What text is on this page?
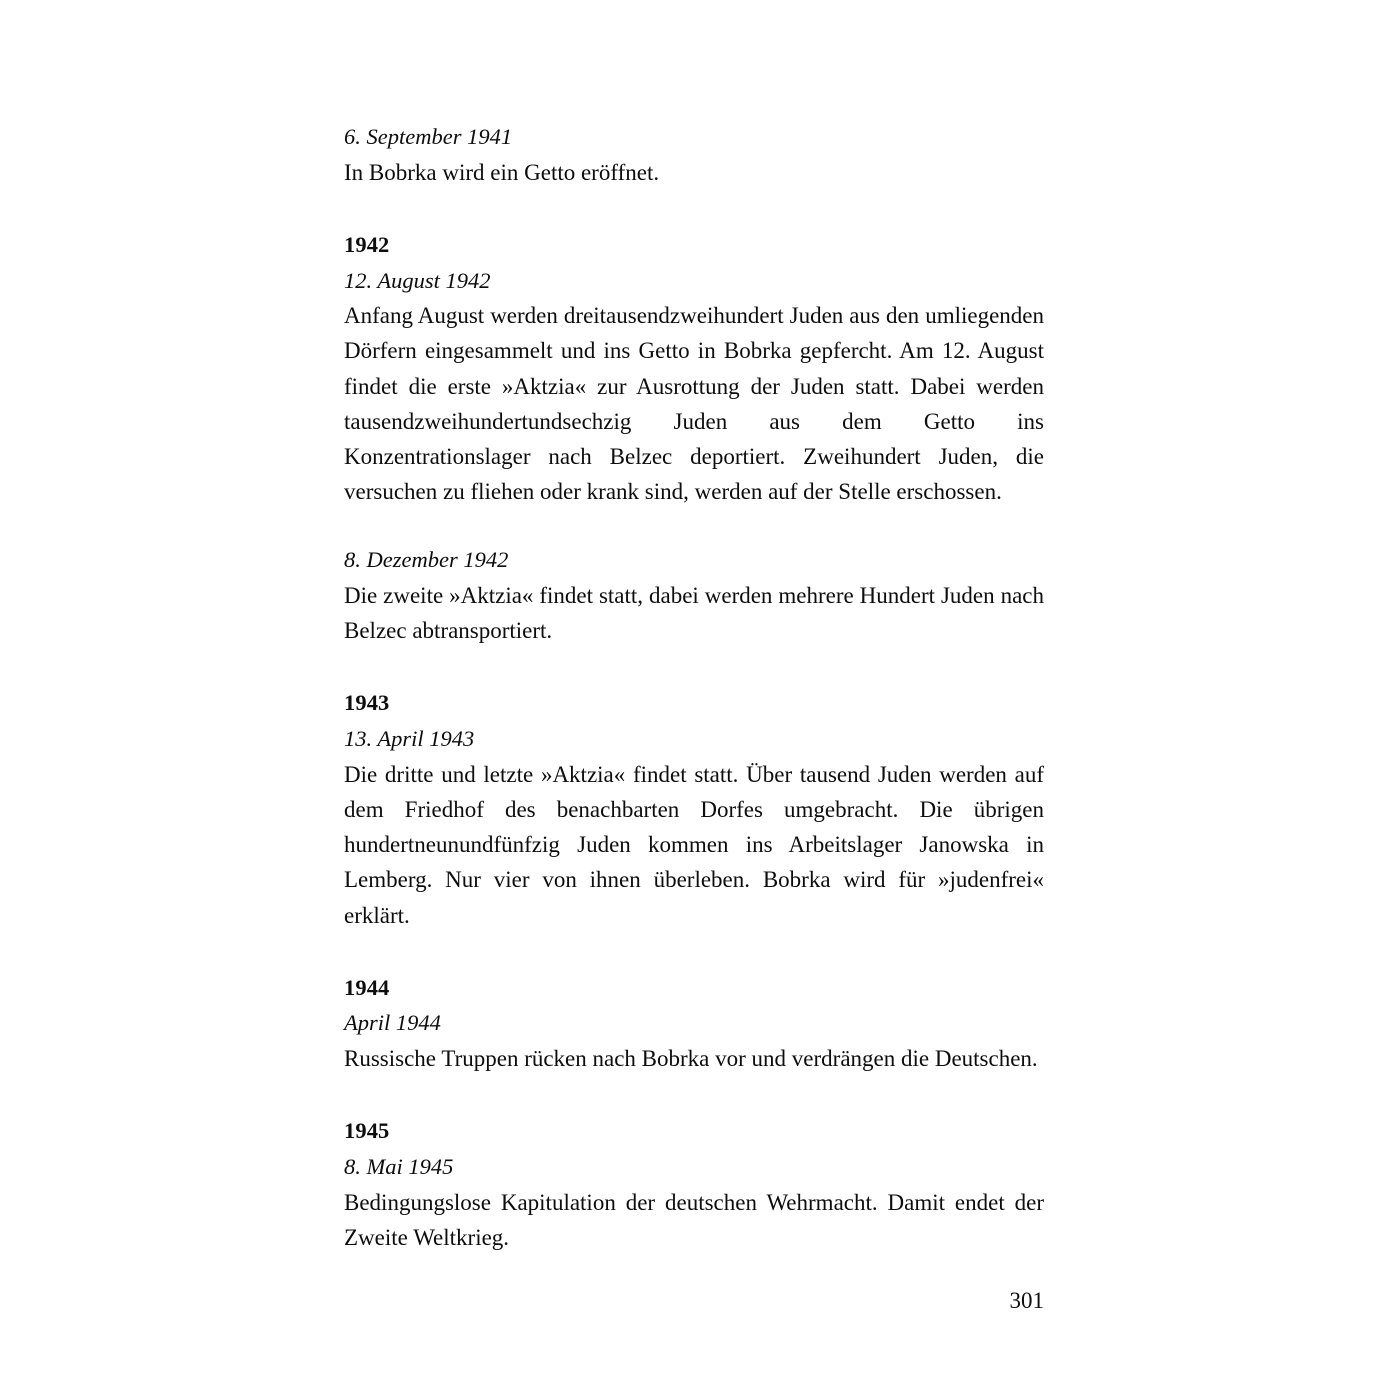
6. September 1941

In Bobrka wird ein Getto eröffnet.

1942
12. August 1942

Anfang August werden dreitausendzweihundert Juden aus den umliegenden Dörfern eingesammelt und ins Getto in Bobrka gepfercht. Am 12. August findet die erste »Aktzia« zur Ausrottung der Juden statt. Dabei werden tausendzweihundertundsechzig Juden aus dem Getto ins Konzentrationslager nach Belzec deportiert. Zweihundert Juden, die versuchen zu fliehen oder krank sind, werden auf der Stelle erschossen.

8. Dezember 1942

Die zweite »Aktzia« findet statt, dabei werden mehrere Hundert Juden nach Belzec abtransportiert.

1943
13. April 1943

Die dritte und letzte »Aktzia« findet statt. Über tausend Juden werden auf dem Friedhof des benachbarten Dorfes umgebracht. Die übrigen hundertneunundfünfzig Juden kommen ins Arbeitslager Janowska in Lemberg. Nur vier von ihnen überleben. Bobrka wird für »judenfrei« erklärt.

1944
April 1944

Russische Truppen rücken nach Bobrka vor und verdrängen die Deutschen.

1945
8. Mai 1945

Bedingungslose Kapitulation der deutschen Wehrmacht. Damit endet der Zweite Weltkrieg.

301
